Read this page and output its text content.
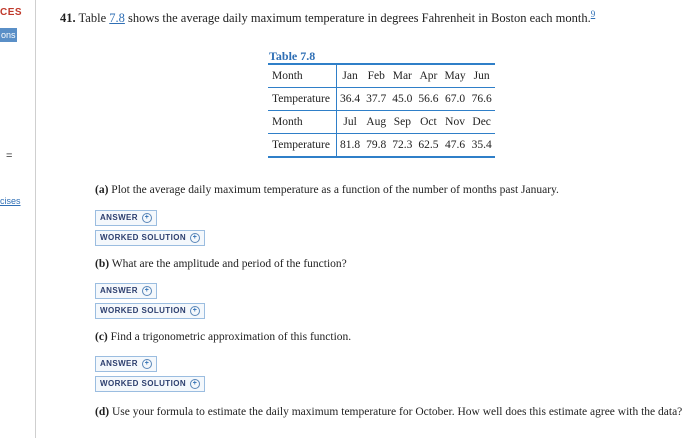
CES
ons
=
cises
41. Table 7.8 shows the average daily maximum temperature in degrees Fahrenheit in Boston each month.$^9$
Table 7.8
Month	Jan	Feb	Mar	Apr	May	Jun
Temperature	36.4	37.7	45.0	56.6	67.0	76.6
Month	Jul	Aug	Sep	Oct	Nov	Dec
Temperature	81.8	79.8	72.3	62.5	47.6	35.4
(a) Plot the average daily maximum temperature as a function of the number of months past January.
ANSWER +
WORKED SOLUTION +
(b) What are the amplitude and period of the function?
ANSWER +
WORKED SOLUTION +
(c) Find a trigonometric approximation of this function.
ANSWER +
WORKED SOLUTION +
(d) Use your formula to estimate the daily maximum temperature for October. How well does this estimate agree with the data?
